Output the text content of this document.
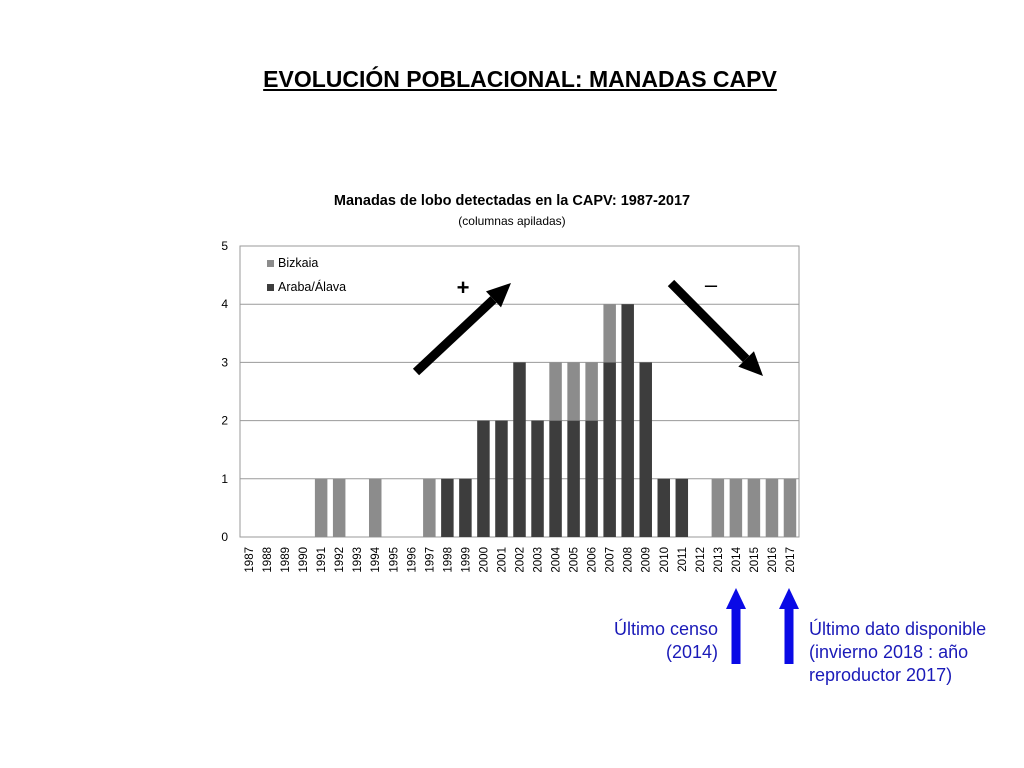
EVOLUCIÓN POBLACIONAL: MANADAS CAPV
Manadas de lobo detectadas en la CAPV: 1987-2017
(columnas apiladas)
0
1
2
3
4
5
1987 1988 1989 1990 1991 1992 1993 1994 1995 1996 1997 1998 1999 2000 2001 2002 2003 2004 2005 2006 2007 2008 2009 2010 2011 2012 2013 2014 2015 2016 2017
Bizkaia
Araba/Álava	+	–
Último censo
(2014)
Último dato disponible
(invierno 2018 : año
reproductor 2017)
